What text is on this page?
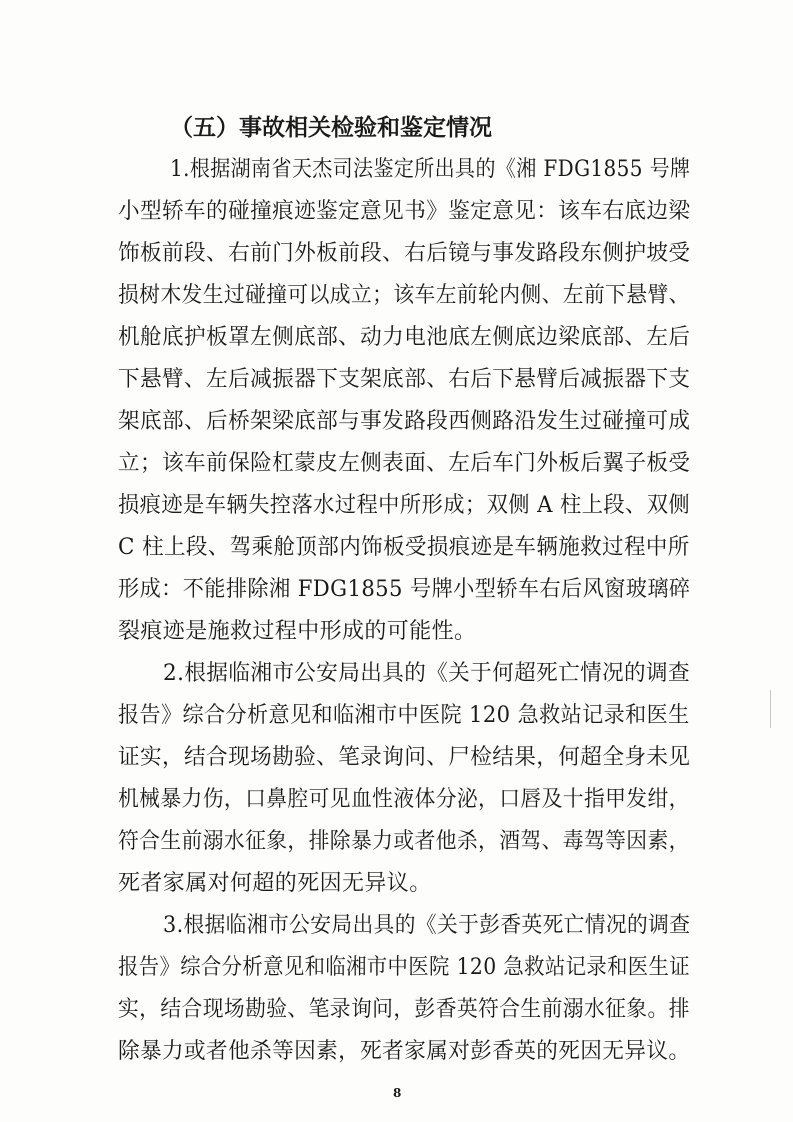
（五）事故相关检验和鉴定情况
1.根据湖南省天杰司法鉴定所出具的《湘 FDG1855 号牌
小型轿车的碰撞痕迹鉴定意见书》鉴定意见：该车右底边梁
饰板前段、右前门外板前段、右后镜与事发路段东侧护坡受
损树木发生过碰撞可以成立；该车左前轮内侧、左前下悬臂、
机舱底护板罩左侧底部、动力电池底左侧底边梁底部、左后
下悬臂、左后减振器下支架底部、右后下悬臂后减振器下支
架底部、后桥架梁底部与事发路段西侧路沿发生过碰撞可成
立；该车前保险杠蒙皮左侧表面、左后车门外板后翼子板受
损痕迹是车辆失控落水过程中所形成；双侧 A 柱上段、双侧
C 柱上段、驾乘舱顶部内饰板受损痕迹是车辆施救过程中所
形成：不能排除湘 FDG1855 号牌小型轿车右后风窗玻璃碎
裂痕迹是施救过程中形成的可能性。
2.根据临湘市公安局出具的《关于何超死亡情况的调查
报告》综合分析意见和临湘市中医院 120 急救站记录和医生
证实，结合现场勘验、笔录询问、尸检结果，何超全身未见
机械暴力伤，口鼻腔可见血性液体分泌，口唇及十指甲发绀，
符合生前溺水征象，排除暴力或者他杀，酒驾、毒驾等因素，
死者家属对何超的死因无异议。
3.根据临湘市公安局出具的《关于彭香英死亡情况的调查
报告》综合分析意见和临湘市中医院 120 急救站记录和医生证
实，结合现场勘验、笔录询问，彭香英符合生前溺水征象。排
除暴力或者他杀等因素，死者家属对彭香英的死因无异议。
8
